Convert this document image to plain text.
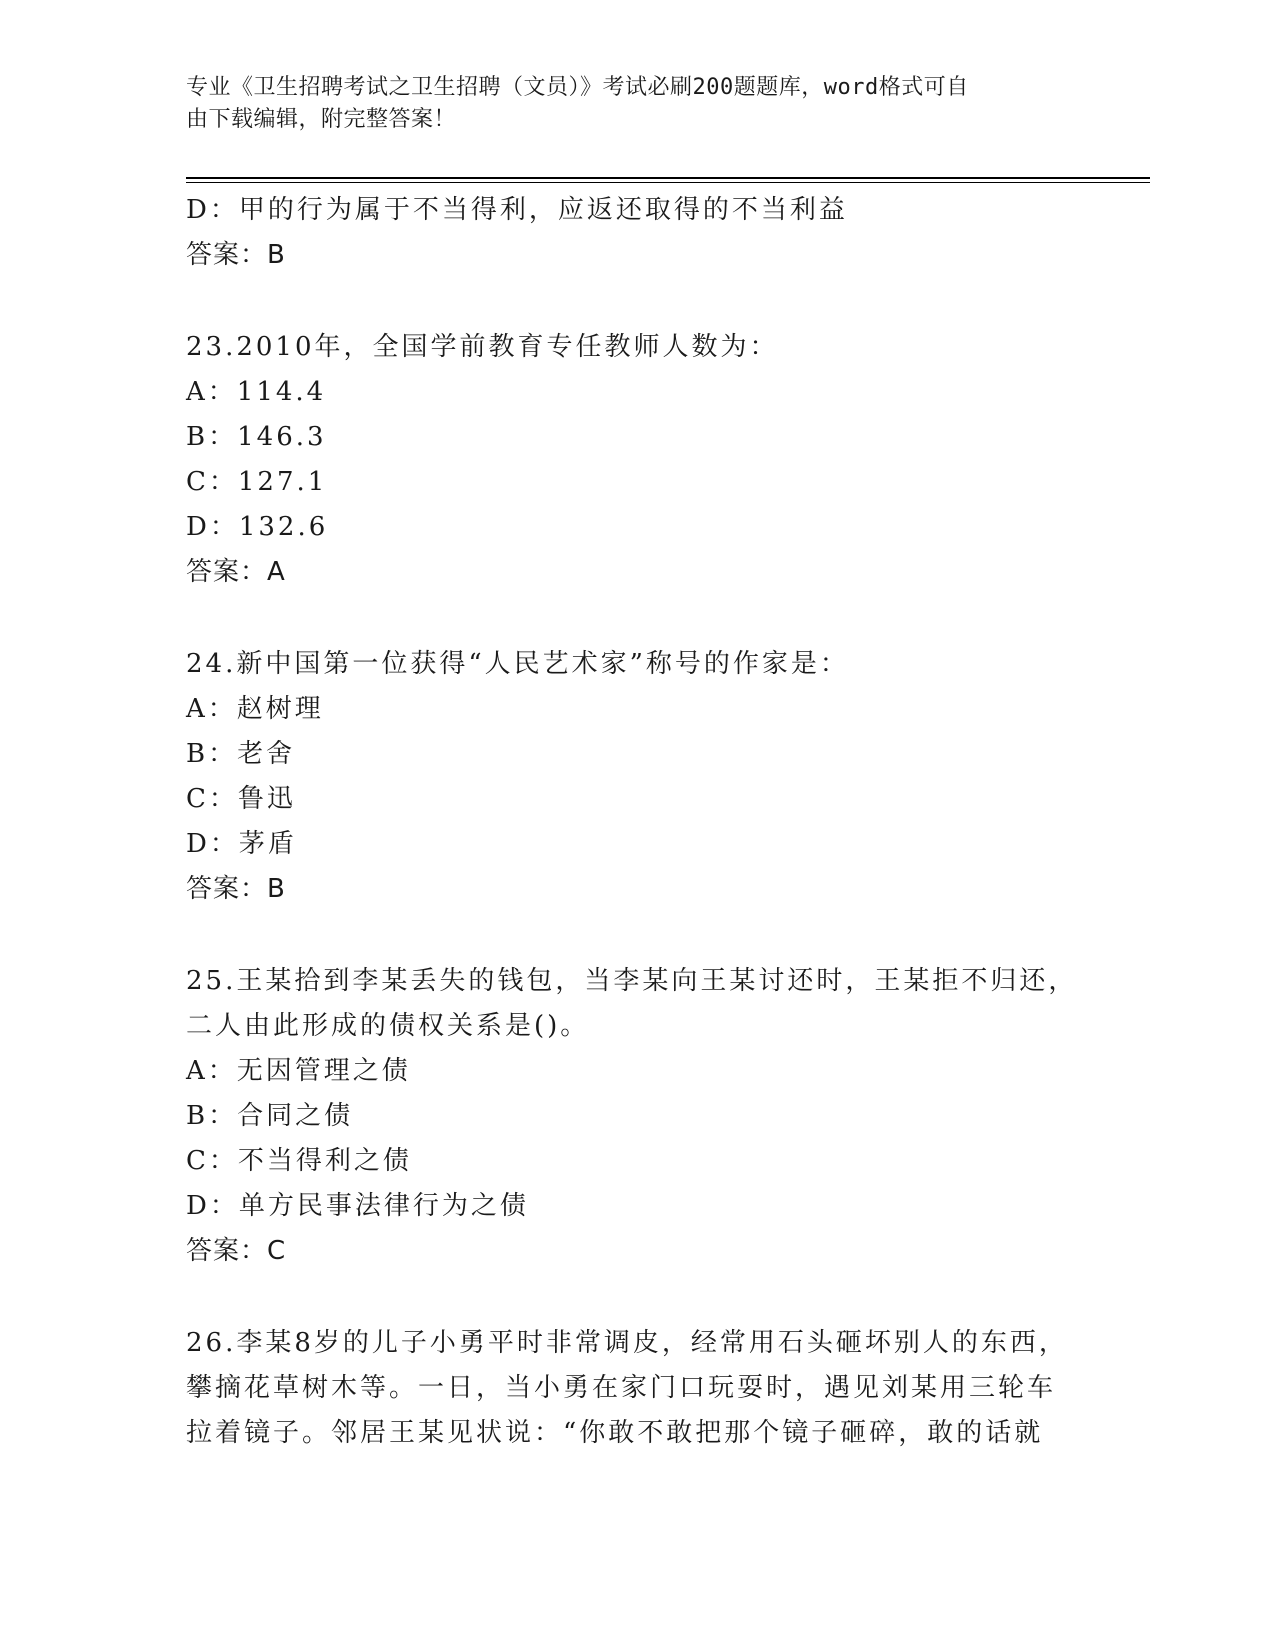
专业《卫生招聘考试之卫生招聘（文员）》考试必刷200题题库，word格式可自
由下载编辑，附完整答案！
D：甲的行为属于不当得利，应返还取得的不当利益
答案：B
23.2010年，全国学前教育专任教师人数为：
A：114.4
B：146.3
C：127.1
D：132.6
答案：A
24.新中国第一位获得“人民艺术家”称号的作家是：
A：赵树理
B：老舍
C：鲁迅
D：茅盾
答案：B
25.王某拾到李某丢失的钱包，当李某向王某讨还时，王某拒不归还，
二人由此形成的债权关系是()。
A：无因管理之债
B：合同之债
C：不当得利之债
D：单方民事法律行为之债
答案：C
26.李某8岁的儿子小勇平时非常调皮，经常用石头砸坏别人的东西，
攀摘花草树木等。一日，当小勇在家门口玩耍时，遇见刘某用三轮车
拉着镜子。邻居王某见状说：“你敢不敢把那个镜子砸碎，敢的话就
